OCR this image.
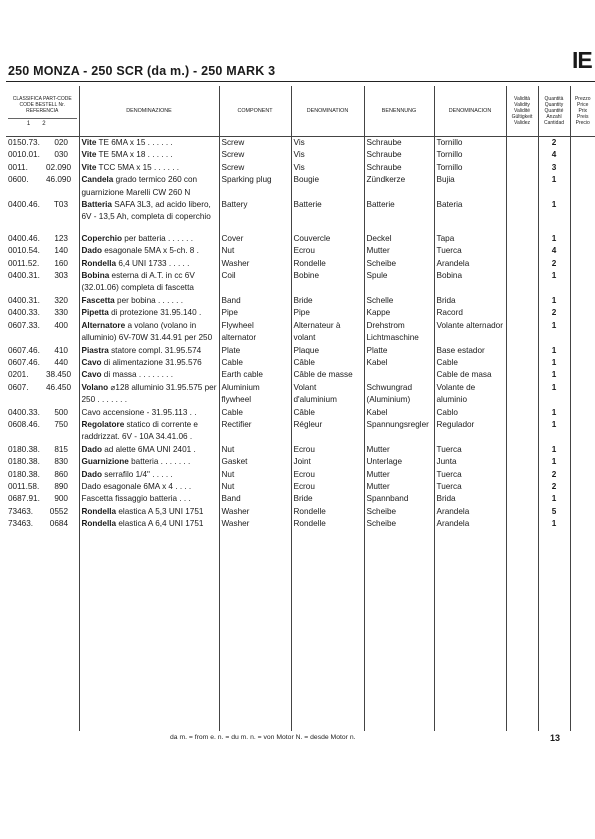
IE
250 MONZA - 250 SCR (da m.) - 250 MARK 3
CLASSIFICA PART-CODE CODE BESTELL Nr. REFERENCIA
12	DENOMINAZIONE	COMPONENT	DENOMINATION	BENENNUNG	DENOMINACION	Validità Validity Validité Gültigkeit Validez	Quantità Quantity Quantité Anzahl Cantidad	Prezzo Price Prix Preis Precio
0150.73. 020	Vite TE 6MA x 15 . . . . . .	Screw	Vis	Schraube	Tornillo		2	
0010.01. 030	Vite TE 5MA x 18 . . . . . .	Screw	Vis	Schraube	Tornillo		4	
0011. 02.090	Vite TCC 5MA x 15 . . . . . .	Screw	Vis	Schraube	Tornillo		3	
0600. 46.090	Candela grado termico 260 con guarnizione Marelli CW 260 N	Sparking plug	Bougie	Zündkerze	Bujia		1	
0400.46. T03	Batteria SAFA 3L3, ad acido libero, 6V - 13,5 Ah, completa di coperchio	Battery	Batterie	Batterie	Bateria		1	

0400.46. 123	Coperchio per batteria . . . . . .	Cover	Couvercle	Deckel	Tapa		1	
0010.54. 140	Dado esagonale 5MA x 5-ch. 8 .	Nut	Ecrou	Mutter	Tuerca		4	
0011.52. 160	Rondella 6,4 UNI 1733 . . . . .	Washer	Rondelle	Scheibe	Arandela		2	
0400.31. 303	Bobina esterna di A.T. in cc 6V (32.01.06) completa di fascetta	Coil	Bobine	Spule	Bobina		1	
0400.31. 320	Fascetta per bobina . . . . . .	Band	Bride	Schelle	Brida		1	
0400.33. 330	Pipetta di protezione 31.95.140 .	Pipe	Pipe	Kappe	Racord		2	
0607.33. 400	Alternatore a volano (volano in alluminio) 6V-70W 31.44.91 per 250	Flywheel alternator	Alternateur à volant	Drehstrom Lichtmaschine	Volante alternador		1	
0607.46. 410	Piastra statore compl. 31.95.574	Plate	Plaque	Platte	Base estador		1	
0607.46. 440	Cavo di alimentazione 31.95.576	Cable	Câble	Kabel	Cable		1	
0201. 38.450	Cavo di massa . . . . . . . .	Earth cable	Câble de masse		Cable de masa		1	
0607. 46.450	Volano ⌀128 alluminio 31.95.575 per 250 . . . . . . .	Aluminium flywheel	Volant d'aluminium	Schwungrad (Aluminium)	Volante de aluminio		1	
0400.33. 500	Cavo accensione - 31.95.113 . .	Cable	Câble	Kabel	Cablo		1	
0608.46. 750	Regolatore statico di corrente e raddrizzat. 6V - 10A 34.41.06 .	Rectifier	Régleur	Spannungsregler	Regulador		1	
0180.38. 815	Dado ad alette 6MA UNI 2401 .	Nut	Ecrou	Mutter	Tuerca		1	
0180.38. 830	Guarnizione batteria . . . . . . .	Gasket	Joint	Unterlage	Junta		1	
0180.38. 860	Dado serrafilo 1/4" . . . . .	Nut	Ecrou	Mutter	Tuerca		2	
0011.58. 890	Dado esagonale 6MA x 4 . . . .	Nut	Ecrou	Mutter	Tuerca		2	
0687.91. 900	Fascetta fissaggio batteria . . .	Band	Bride	Spannband	Brida		1	
73463. 0552	Rondella elastica A 5,3 UNI 1751	Washer	Rondelle	Scheibe	Arandela		5	
73463. 0684	Rondella elastica A 6,4 UNI 1751	Washer	Rondelle	Scheibe	Arandela		1	

da m. = from e. n. = du m. n. = von Motor N. = desde Motor n.	13
